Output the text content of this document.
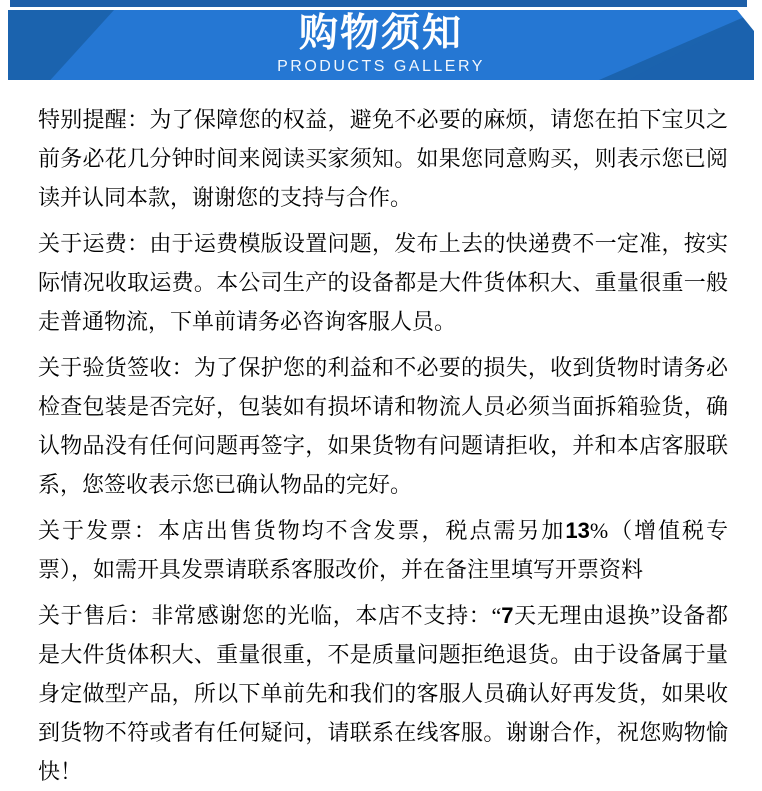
购物须知
PRODUCTS GALLERY

特别提醒：为了保障您的权益，避免不必要的麻烦，请您在拍下宝贝之前务必花几分钟时间来阅读买家须知。如果您同意购买，则表示您已阅读并认同本款，谢谢您的支持与合作。

关于运费：由于运费模版设置问题，发布上去的快递费不一定准，按实际情况收取运费。本公司生产的设备都是大件货体积大、重量很重一般走普通物流，下单前请务必咨询客服人员。

关于验货签收：为了保护您的利益和不必要的损失，收到货物时请务必检查包装是否完好，包装如有损坏请和物流人员必须当面拆箱验货，确认物品没有任何问题再签字，如果货物有问题请拒收，并和本店客服联系，您签收表示您已确认物品的完好。

关于发票：本店出售货物均不含发票，税点需另加13%（增值税专票），如需开具发票请联系客服改价，并在备注里填写开票资料

关于售后：非常感谢您的光临，本店不支持：“7天无理由退换”设备都是大件货体积大、重量很重，不是质量问题拒绝退货。由于设备属于量身定做型产品，所以下单前先和我们的客服人员确认好再发货，如果收到货物不符或者有任何疑问，请联系在线客服。谢谢合作，祝您购物愉快！
